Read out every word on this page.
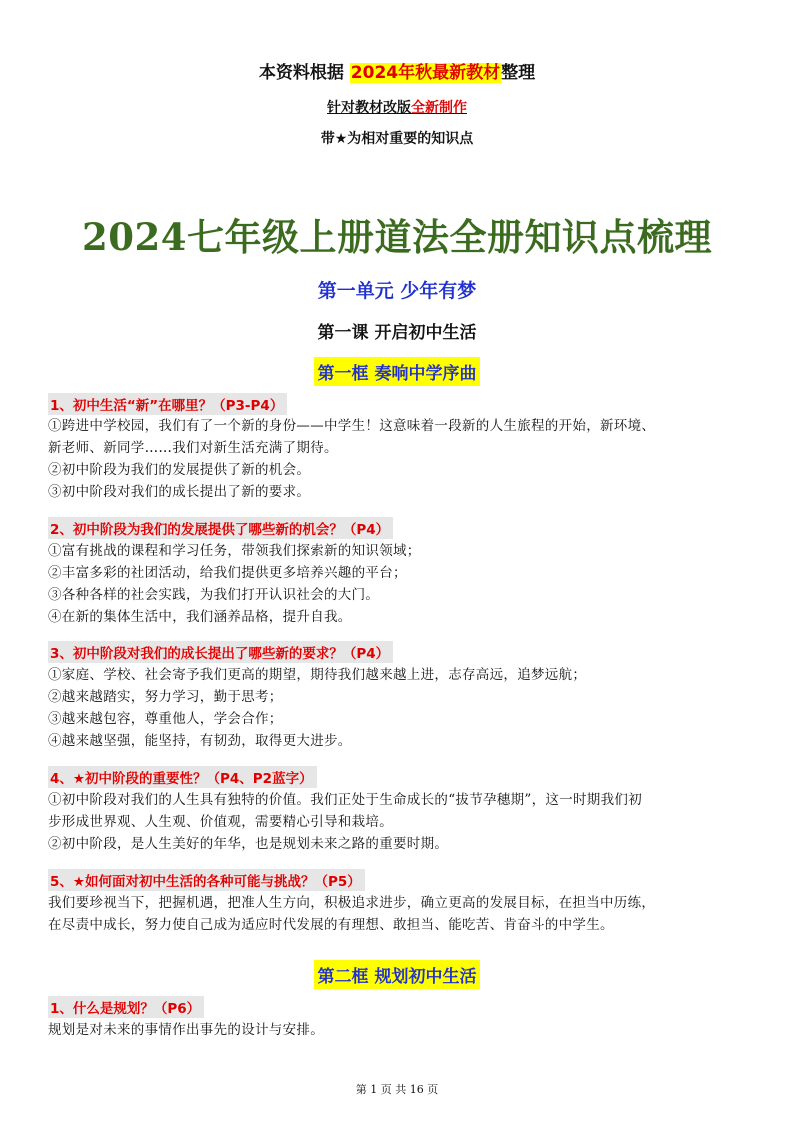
本资料根据 2024年秋最新教材整理
针对教材改版全新制作
带★为相对重要的知识点
2024七年级上册道法全册知识点梳理
第一单元 少年有梦
第一课 开启初中生活
第一框 奏响中学序曲
1、初中生活“新”在哪里？（P3-P4）
①跨进中学校园，我们有了一个新的身份——中学生！这意味着一段新的人生旅程的开始，新环境、
新老师、新同学……我们对新生活充满了期待。
②初中阶段为我们的发展提供了新的机会。
③初中阶段对我们的成长提出了新的要求。
2、初中阶段为我们的发展提供了哪些新的机会？（P4）
①富有挑战的课程和学习任务，带领我们探索新的知识领域；
②丰富多彩的社团活动，给我们提供更多培养兴趣的平台；
③各种各样的社会实践，为我们打开认识社会的大门。
④在新的集体生活中，我们涵养品格，提升自我。
3、初中阶段对我们的成长提出了哪些新的要求？（P4）
①家庭、学校、社会寄予我们更高的期望，期待我们越来越上进，志存高远，追梦远航；
②越来越踏实，努力学习，勤于思考；
③越来越包容，尊重他人，学会合作；
④越来越坚强，能坚持，有韧劲，取得更大进步。
4、★初中阶段的重要性？（P4、P2蓝字）
①初中阶段对我们的人生具有独特的价值。我们正处于生命成长的“拔节孕穗期”，这一时期我们初
步形成世界观、人生观、价值观，需要精心引导和栽培。
②初中阶段，是人生美好的年华，也是规划未来之路的重要时期。
5、★如何面对初中生活的各种可能与挑战？（P5）
我们要珍视当下，把握机遇，把准人生方向，积极追求进步，确立更高的发展目标，在担当中历练，
在尽责中成长，努力使自己成为适应时代发展的有理想、敢担当、能吃苦、肯奋斗的中学生。
第二框 规划初中生活
1、什么是规划？（P6）
规划是对未来的事情作出事先的设计与安排。
第 1 页 共 16 页
